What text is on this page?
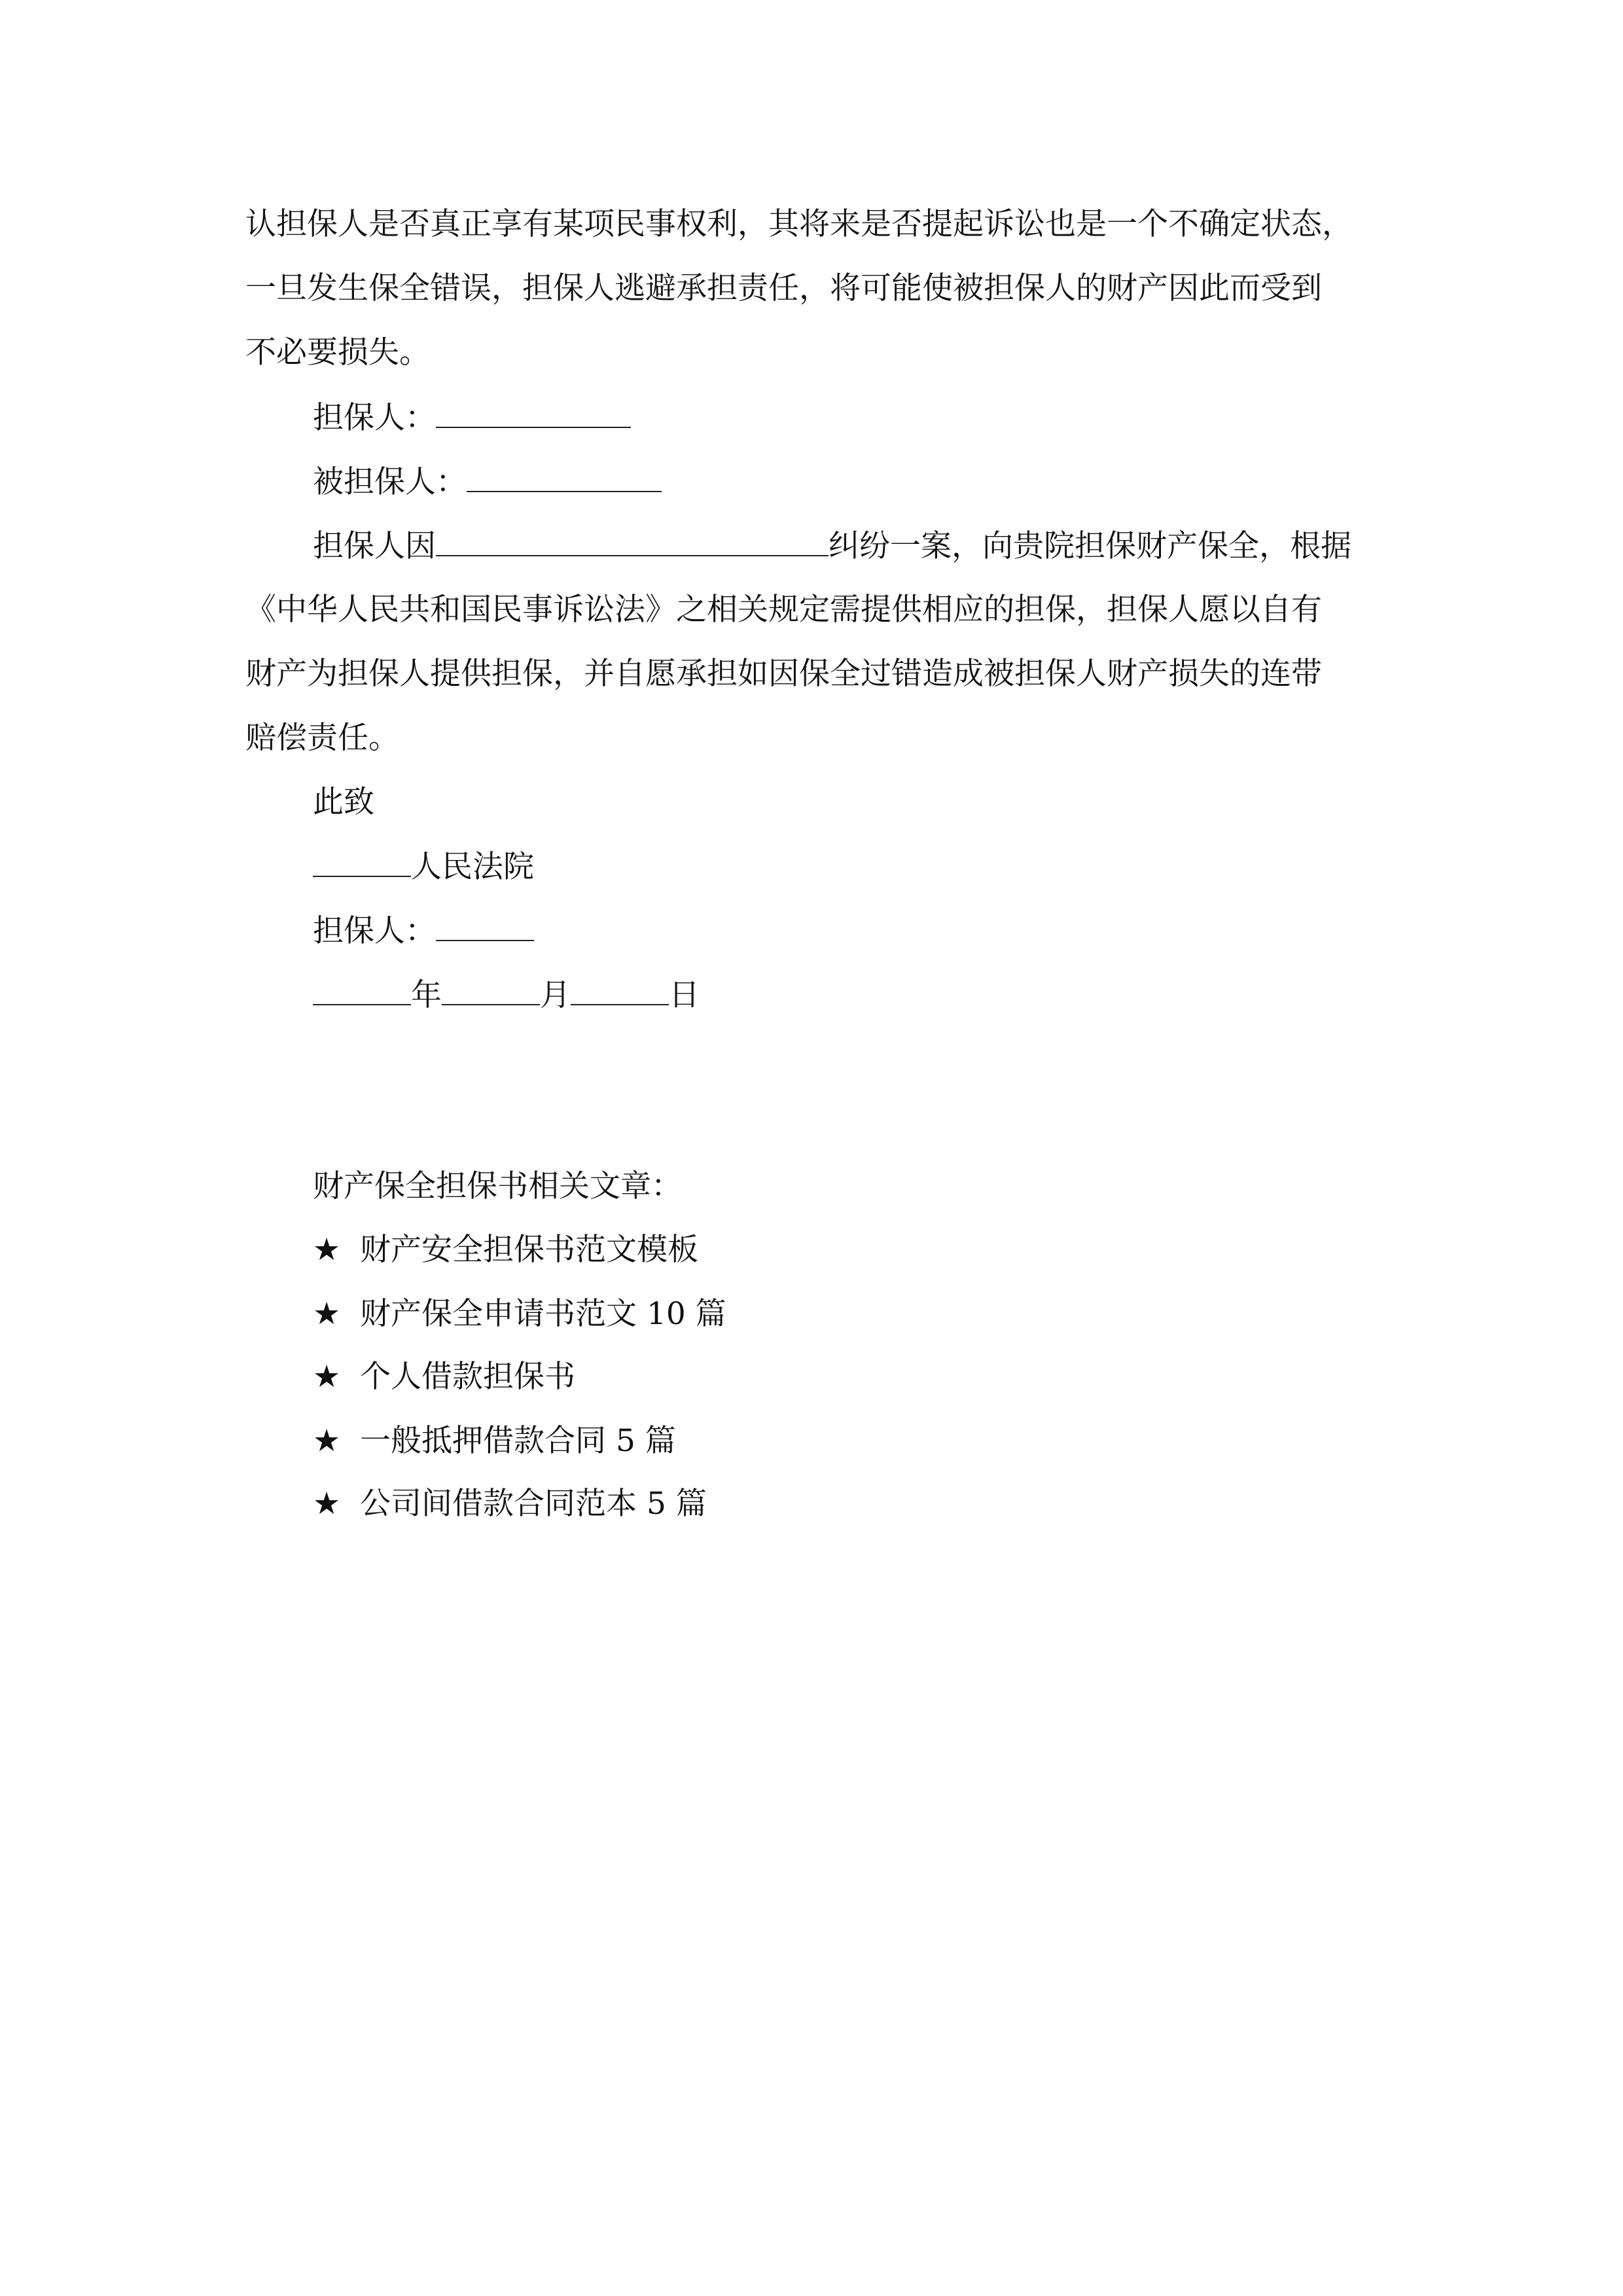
认担保人是否真正享有某项民事权利，其将来是否提起诉讼也是一个不确定状态，
一旦发生保全错误，担保人逃避承担责任，将可能使被担保人的财产因此而受到
不必要损失。
担保人：
被担保人：
担保人因	纠纷一案，向贵院担保财产保全，根据
《中华人民共和国民事诉讼法》之相关规定需提供相应的担保，担保人愿以自有
财产为担保人提供担保，并自愿承担如因保全过错造成被担保人财产损失的连带
赔偿责任。
此致
人民法院
担保人：
年	月	日
财产保全担保书相关文章：
★ 财产安全担保书范文模板
★ 财产保全申请书范文 10 篇
★ 个人借款担保书
★ 一般抵押借款合同 5 篇
★ 公司间借款合同范本 5 篇
